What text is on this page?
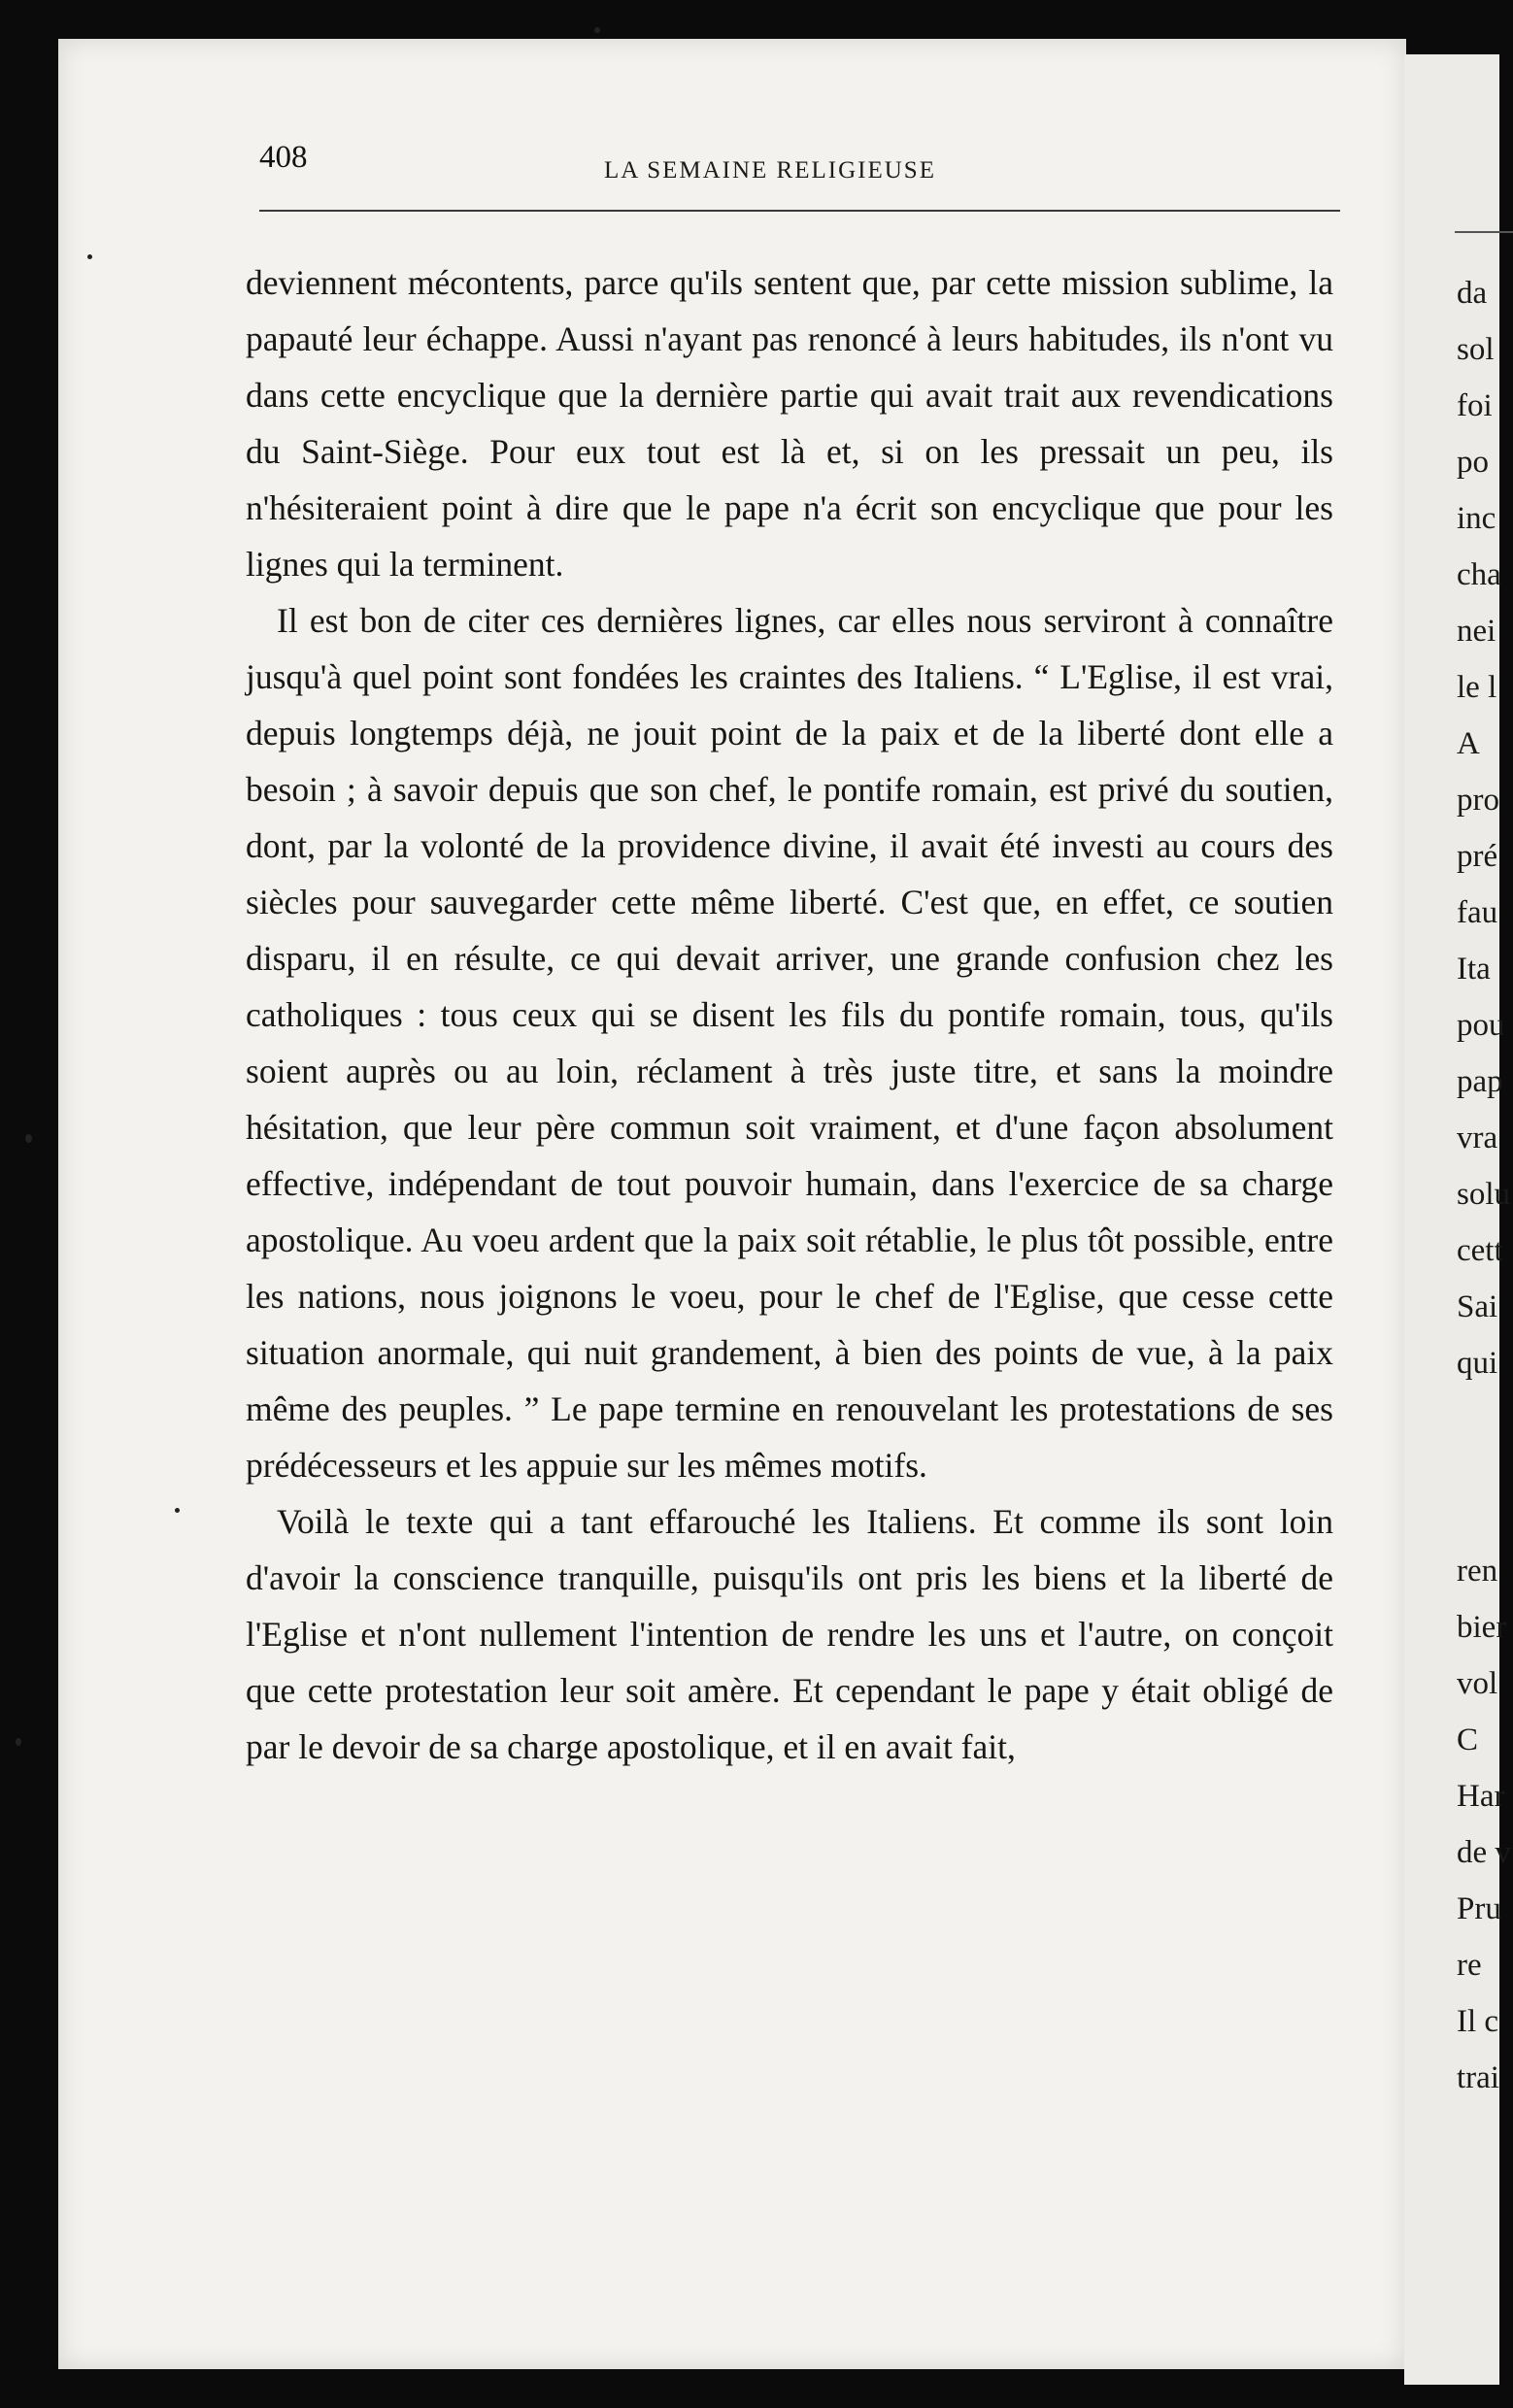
da
sol
foi
po
inc
cha
nei
le l
A
pro
pré
fau
Ita
pou
pap
vra
solu
cett
Sai
qui
ren
bier
vol
C
Har
de v
Pru
re
Il c
trai
408	LA SEMAINE RELIGIEUSE

deviennent mécontents, parce qu'ils sentent que, par cette mission sublime, la papauté leur échappe. Aussi n'ayant pas renoncé à leurs habitudes, ils n'ont vu dans cette encyclique que la dernière partie qui avait trait aux revendications du Saint-Siège. Pour eux tout est là et, si on les pressait un peu, ils n'hésiteraient point à dire que le pape n'a écrit son encyclique que pour les lignes qui la terminent.

Il est bon de citer ces dernières lignes, car elles nous serviront à connaître jusqu'à quel point sont fondées les craintes des Italiens. “ L'Eglise, il est vrai, depuis longtemps déjà, ne jouit point de la paix et de la liberté dont elle a besoin ; à savoir depuis que son chef, le pontife romain, est privé du soutien, dont, par la volonté de la providence divine, il avait été investi au cours des siècles pour sauvegarder cette même liberté. C'est que, en effet, ce soutien disparu, il en résulte, ce qui devait arriver, une grande confusion chez les catholiques : tous ceux qui se disent les fils du pontife romain, tous, qu'ils soient auprès ou au loin, réclament à très juste titre, et sans la moindre hésitation, que leur père commun soit vraiment, et d'une façon absolument effective, indépendant de tout pouvoir humain, dans l'exercice de sa charge apostolique. Au voeu ardent que la paix soit rétablie, le plus tôt possible, entre les nations, nous joignons le voeu, pour le chef de l'Eglise, que cesse cette situation anormale, qui nuit grandement, à bien des points de vue, à la paix même des peuples. ” Le pape termine en renouvelant les protestations de ses prédécesseurs et les appuie sur les mêmes motifs.

Voilà le texte qui a tant effarouché les Italiens. Et comme ils sont loin d'avoir la conscience tranquille, puisqu'ils ont pris les biens et la liberté de l'Eglise et n'ont nullement l'intention de rendre les uns et l'autre, on conçoit que cette protestation leur soit amère. Et cependant le pape y était obligé de par le devoir de sa charge apostolique, et il en avait fait,
